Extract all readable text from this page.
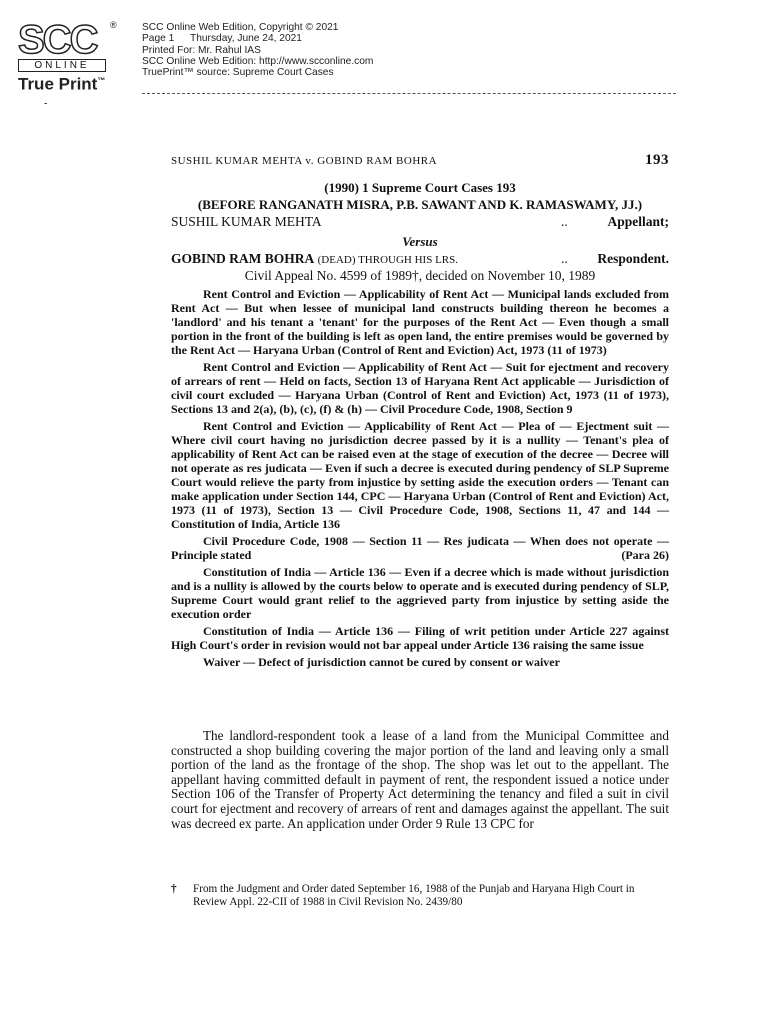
SCC	®
ONLINE
True Print™
SCC Online Web Edition, Copyright © 2021
Page 1 Thursday, June 24, 2021
Printed For: Mr. Rahul IAS
SCC Online Web Edition: http://www.scconline.com
TruePrint™ source: Supreme Court Cases
-
SUSHIL KUMAR MEHTA v. GOBIND RAM BOHRA	193
(1990) 1 Supreme Court Cases 193
(BEFORE RANGANATH MISRA, P.B. SAWANT AND K. RAMASWAMY, JJ.)
SUSHIL KUMAR MEHTA	..	Appellant;
Versus
GOBIND RAM BOHRA (DEAD) THROUGH HIS LRS.	.. Respondent.
Civil Appeal No. 4599 of 1989†, decided on November 10, 1989

Rent Control and Eviction — Applicability of Rent Act — Municipal lands excluded from Rent Act — But when lessee of municipal land constructs building thereon he becomes a 'landlord' and his tenant a 'tenant' for the purposes of the Rent Act — Even though a small portion in the front of the building is left as open land, the entire premises would be governed by the Rent Act — Haryana Urban (Control of Rent and Eviction) Act, 1973 (11 of 1973)

Rent Control and Eviction — Applicability of Rent Act — Suit for ejectment and recovery of arrears of rent — Held on facts, Section 13 of Haryana Rent Act applicable — Jurisdiction of civil court excluded — Haryana Urban (Control of Rent and Eviction) Act, 1973 (11 of 1973), Sections 13 and 2(a), (b), (c), (f) & (h) — Civil Procedure Code, 1908, Section 9

Rent Control and Eviction — Applicability of Rent Act — Plea of — Ejectment suit — Where civil court having no jurisdiction decree passed by it is a nullity — Tenant's plea of applicability of Rent Act can be raised even at the stage of execution of the decree — Decree will not operate as res judicata — Even if such a decree is executed during pendency of SLP Supreme Court would relieve the party from injustice by setting aside the execution orders — Tenant can make application under Section 144, CPC — Haryana Urban (Control of Rent and Eviction) Act, 1973 (11 of 1973), Section 13 — Civil Procedure Code, 1908, Sections 11, 47 and 144 — Constitution of India, Article 136

Civil Procedure Code, 1908 — Section 11 — Res judicata — When does not operate — Principle stated	(Para 26)

Constitution of India — Article 136 — Even if a decree which is made without jurisdiction and is a nullity is allowed by the courts below to operate and is executed during pendency of SLP, Supreme Court would grant relief to the aggrieved party from injustice by setting aside the execution order

Constitution of India — Article 136 — Filing of writ petition under Article 227 against High Court's order in revision would not bar appeal under Article 136 raising the same issue

Waiver — Defect of jurisdiction cannot be cured by consent or waiver

The landlord-respondent took a lease of a land from the Municipal Committee and constructed a shop building covering the major portion of the land and leaving only a small portion of the land as the frontage of the shop. The shop was let out to the appellant. The appellant having committed default in payment of rent, the respondent issued a notice under Section 106 of the Transfer of Property Act determining the tenancy and filed a suit in civil court for ejectment and recovery of arrears of rent and damages against the appellant. The suit was decreed ex parte. An application under Order 9 Rule 13 CPC for

† From the Judgment and Order dated September 16, 1988 of the Punjab and Haryana High Court in Review Appl. 22-CII of 1988 in Civil Revision No. 2439/80
